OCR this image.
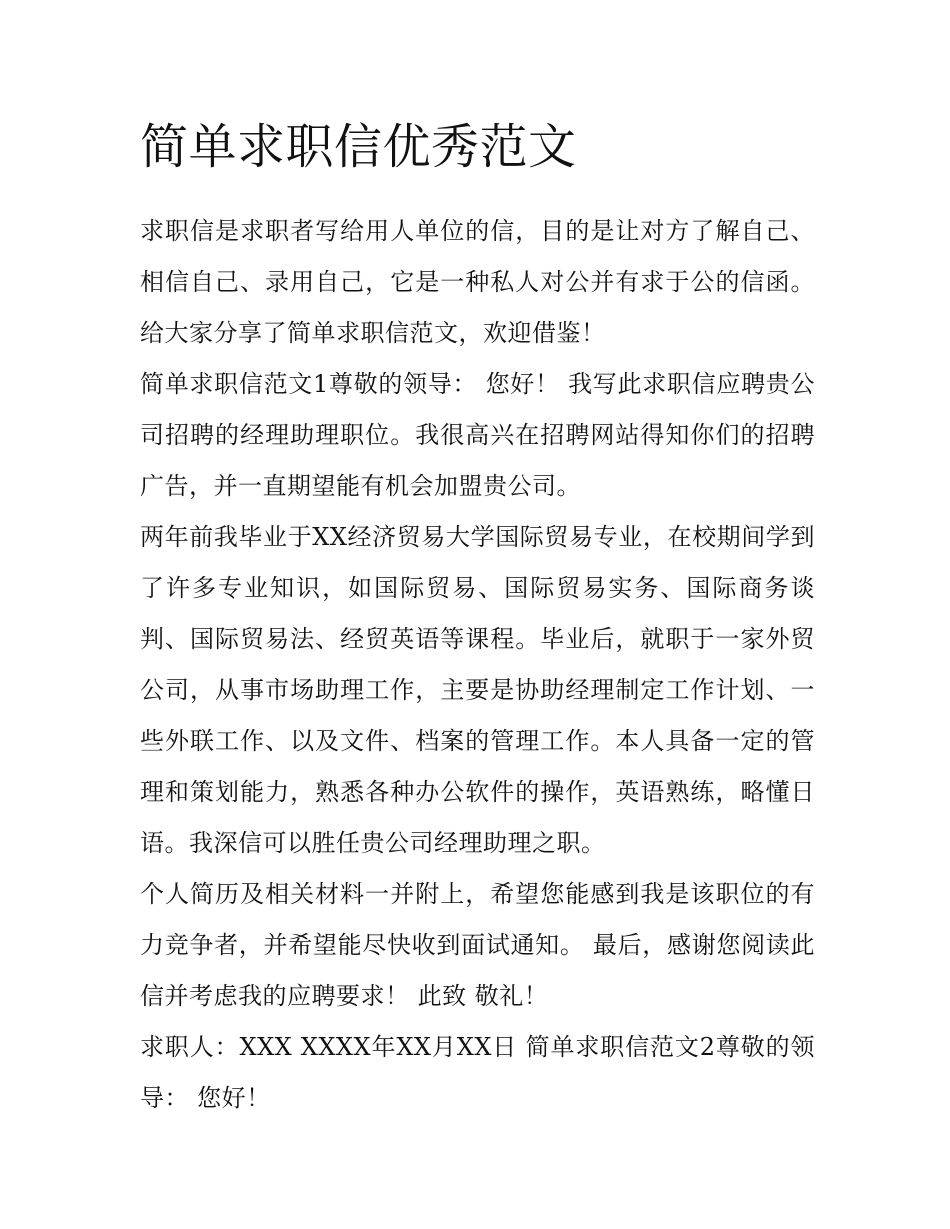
简单求职信优秀范文

求职信是求职者写给用人单位的信，目的是让对方了解自己、相信自己、录用自己，它是一种私人对公并有求于公的信函。给大家分享了简单求职信范文，欢迎借鉴！

简单求职信范文1尊敬的领导： 您好！ 我写此求职信应聘贵公司招聘的经理助理职位。我很高兴在招聘网站得知你们的招聘广告，并一直期望能有机会加盟贵公司。

两年前我毕业于XX经济贸易大学国际贸易专业，在校期间学到了许多专业知识，如国际贸易、国际贸易实务、国际商务谈判、国际贸易法、经贸英语等课程。毕业后，就职于一家外贸公司，从事市场助理工作，主要是协助经理制定工作计划、一些外联工作、以及文件、档案的管理工作。本人具备一定的管理和策划能力，熟悉各种办公软件的操作，英语熟练，略懂日语。我深信可以胜任贵公司经理助理之职。

个人简历及相关材料一并附上，希望您能感到我是该职位的有力竞争者，并希望能尽快收到面试通知。 最后，感谢您阅读此信并考虑我的应聘要求！ 此致 敬礼！

求职人：XXX XXXX年XX月XX日 简单求职信范文2尊敬的领导： 您好！
